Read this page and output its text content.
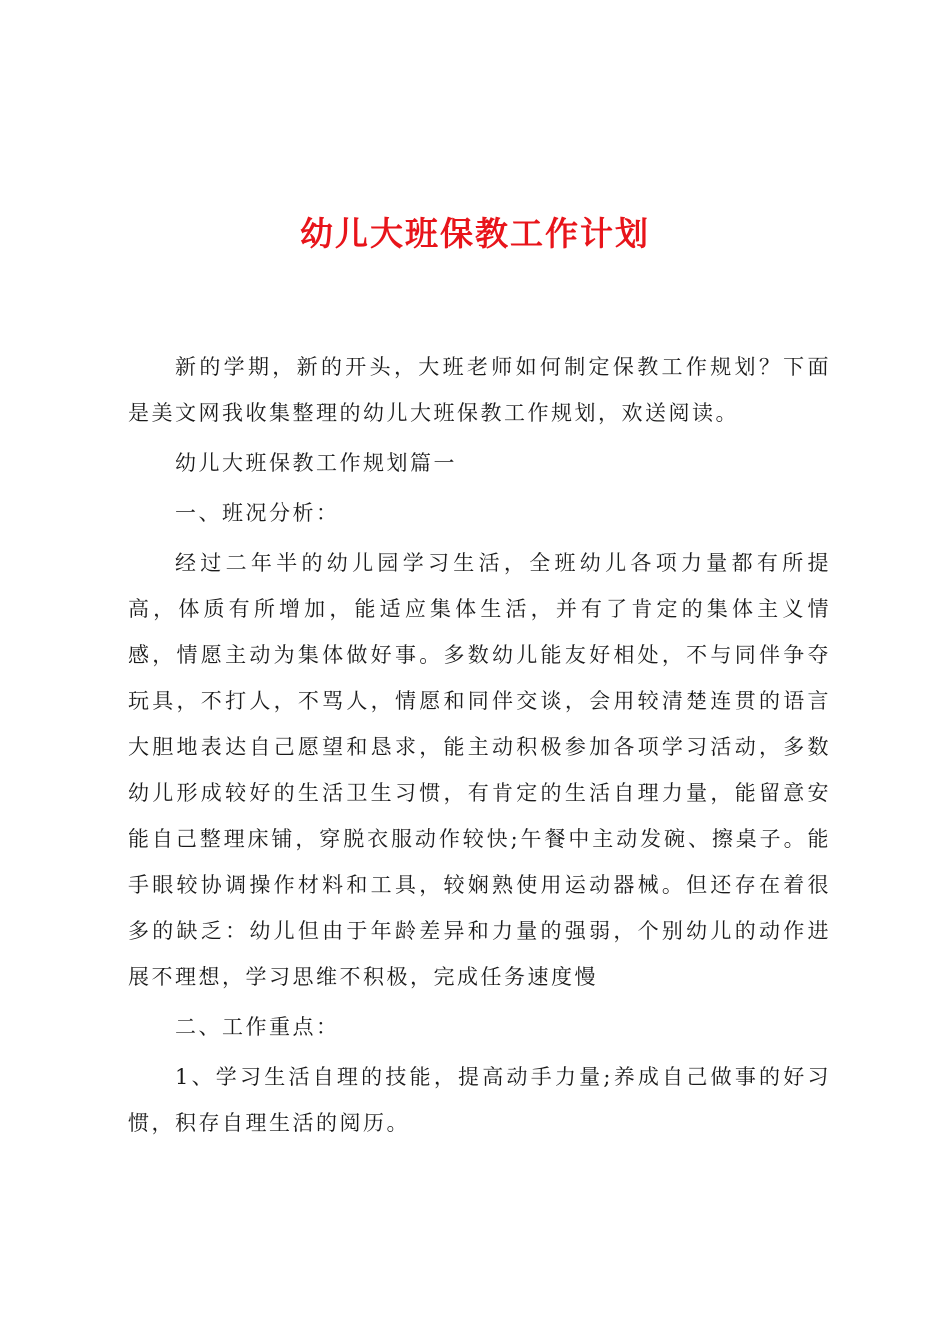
幼儿大班保教工作计划

新的学期，新的开头，大班老师如何制定保教工作规划？下面是美文网我收集整理的幼儿大班保教工作规划，欢送阅读。

幼儿大班保教工作规划篇一

一、班况分析：

经过二年半的幼儿园学习生活，全班幼儿各项力量都有所提高，体质有所增加，能适应集体生活，并有了肯定的集体主义情感，情愿主动为集体做好事。多数幼儿能友好相处，不与同伴争夺玩具，不打人，不骂人，情愿和同伴交谈，会用较清楚连贯的语言大胆地表达自己愿望和恳求，能主动积极参加各项学习活动，多数幼儿形成较好的生活卫生习惯，有肯定的生活自理力量，能留意安能自己整理床铺，穿脱衣服动作较快;午餐中主动发碗、擦桌子。能手眼较协调操作材料和工具，较娴熟使用运动器械。但还存在着很多的缺乏：幼儿但由于年龄差异和力量的强弱，个别幼儿的动作进展不理想，学习思维不积极，完成任务速度慢

二、工作重点：

1、学习生活自理的技能，提高动手力量;养成自己做事的好习惯，积存自理生活的阅历。
